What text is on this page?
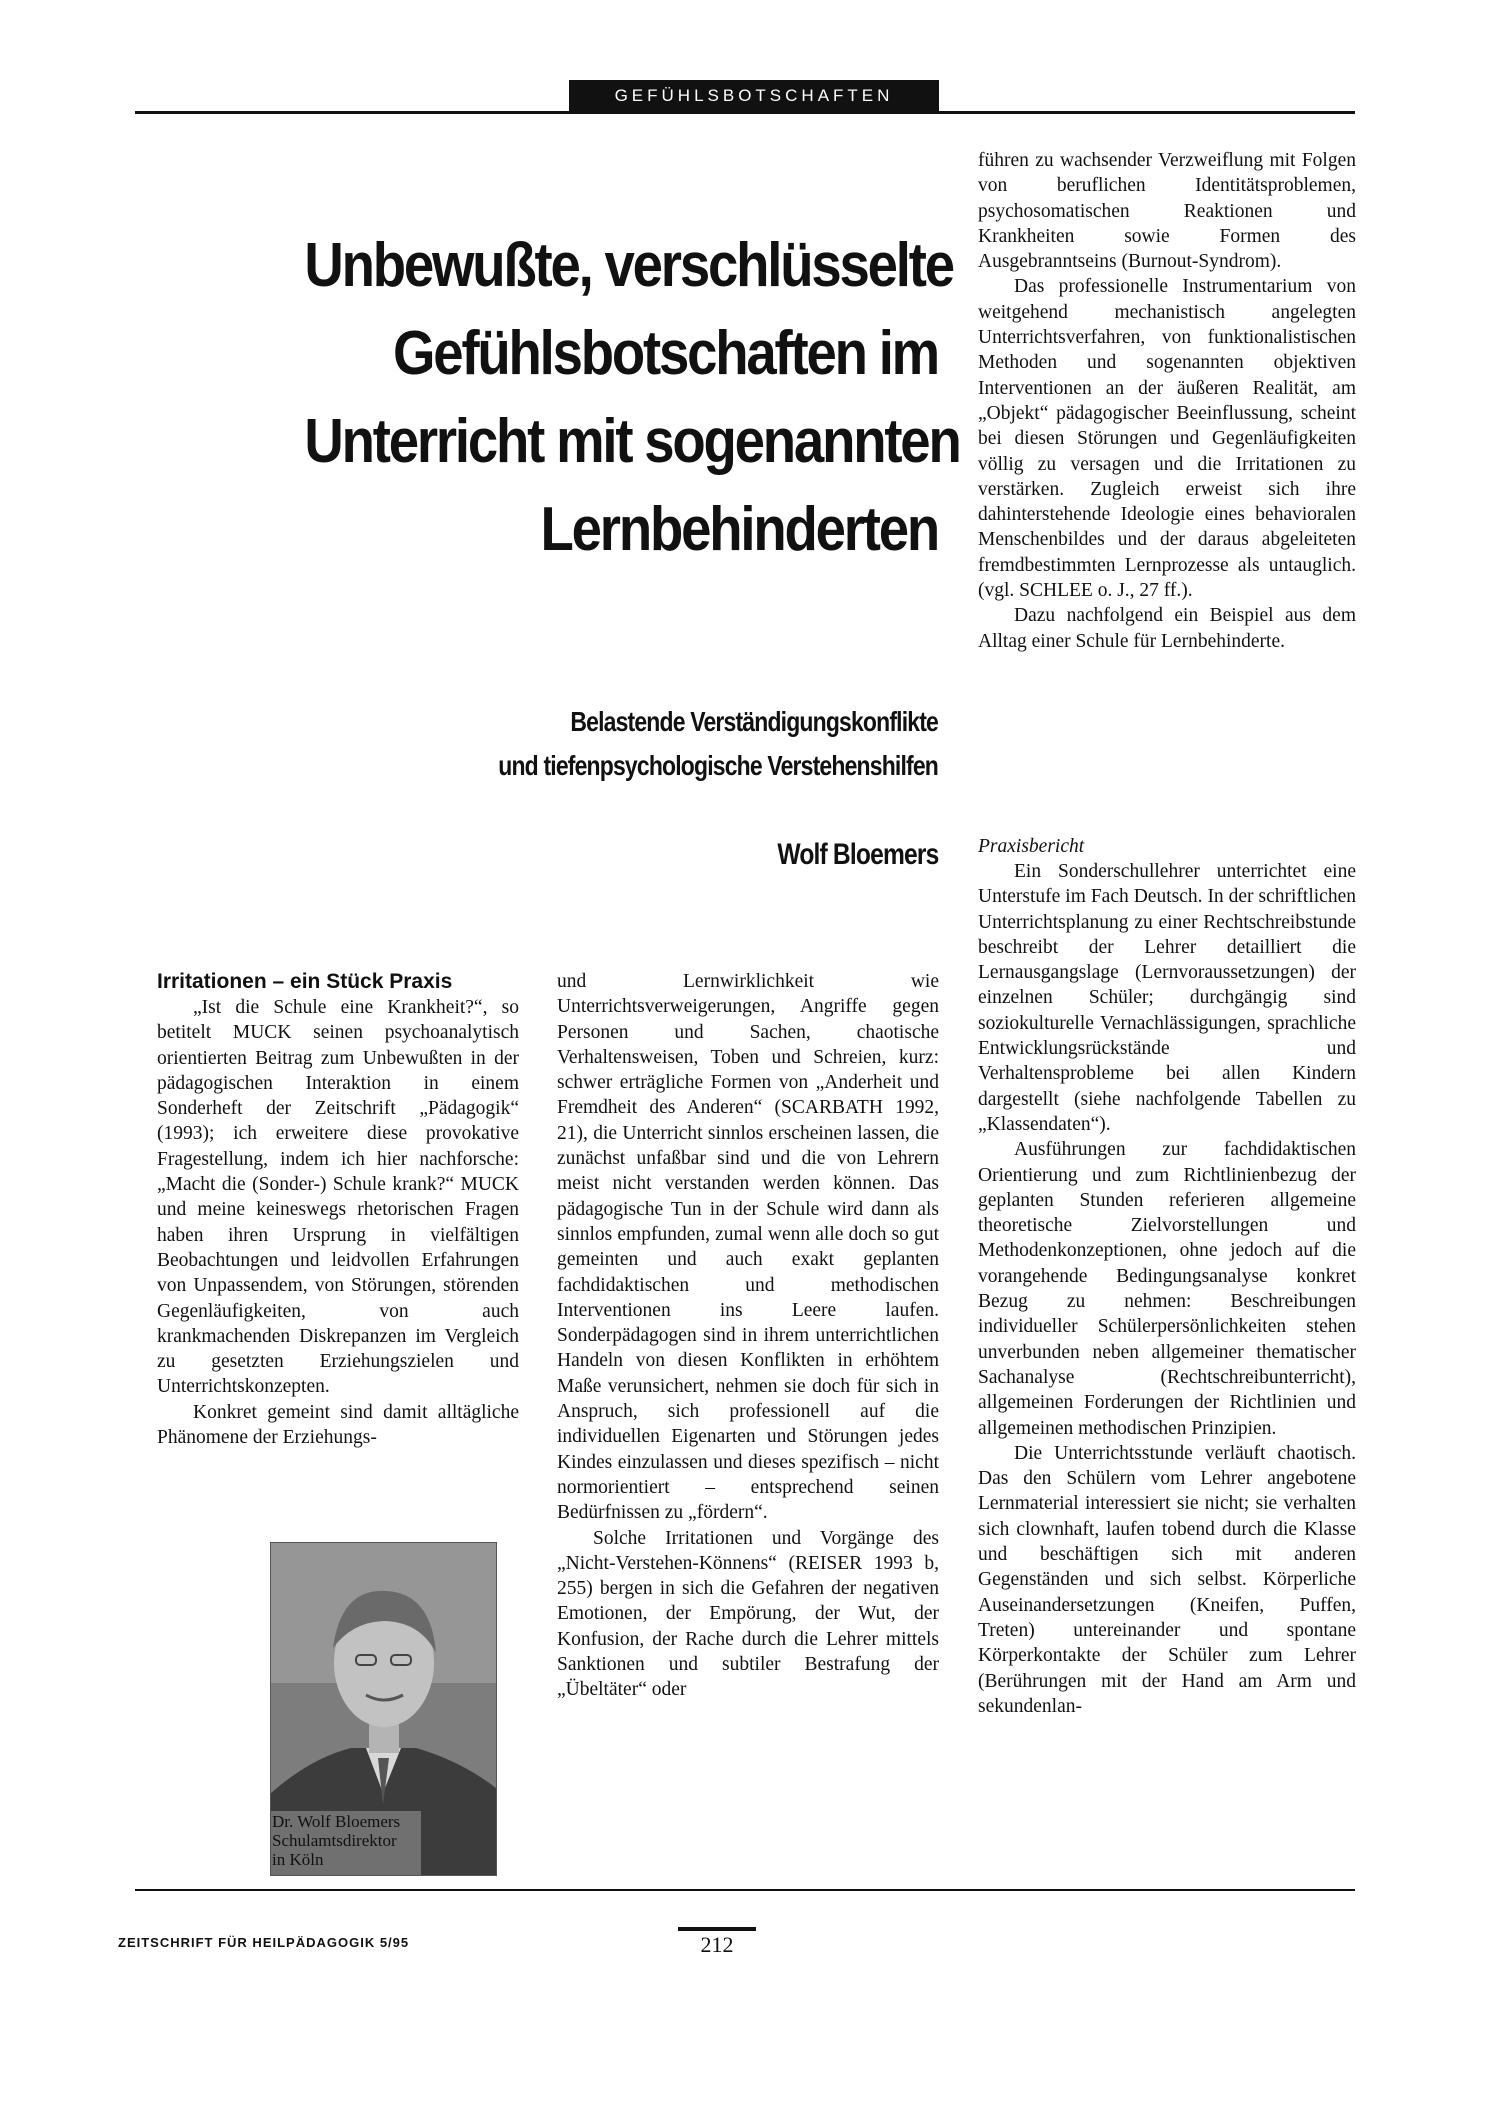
GEFÜHLSBOTSCHAFTEN
Unbewußte, verschlüsselte
Gefühlsbotschaften im
Unterricht mit sogenannten
Lernbehinderten
Belastende Verständigungskonflikte
und tiefenpsychologische Verstehenshilfen
Wolf Bloemers

Irritationen – ein Stück Praxis

„Ist die Schule eine Krankheit?“, so betitelt MUCK seinen psychoanalytisch orientierten Beitrag zum Unbewußten in der pädagogischen Interaktion in einem Sonderheft der Zeitschrift „Pädagogik“ (1993); ich erweitere diese provokative Fragestellung, indem ich hier nachforsche: „Macht die (Sonder-) Schule krank?“ MUCK und meine keineswegs rhetorischen Fragen haben ihren Ursprung in vielfältigen Beobachtungen und leidvollen Erfahrungen von Unpassendem, von Störungen, störenden Gegenläufigkeiten, von auch krankmachenden Diskrepanzen im Vergleich zu gesetzten Erziehungszielen und Unterrichtskonzepten.

Konkret gemeint sind damit alltägliche Phänomene der Erziehungs-

Dr. Wolf Bloemers
Schulamtsdirektor
in Köln

und Lernwirklichkeit wie Unterrichtsverweigerungen, Angriffe gegen Personen und Sachen, chaotische Verhaltensweisen, Toben und Schreien, kurz: schwer erträgliche Formen von „Anderheit und Fremdheit des Anderen“ (SCARBATH 1992, 21), die Unterricht sinnlos erscheinen lassen, die zunächst unfaßbar sind und die von Lehrern meist nicht verstanden werden können. Das pädagogische Tun in der Schule wird dann als sinnlos empfunden, zumal wenn alle doch so gut gemeinten und auch exakt geplanten fachdidaktischen und methodischen Interventionen ins Leere laufen. Sonderpädagogen sind in ihrem unterrichtlichen Handeln von diesen Konflikten in erhöhtem Maße verunsichert, nehmen sie doch für sich in Anspruch, sich professionell auf die individuellen Eigenarten und Störungen jedes Kindes einzulassen und dieses spezifisch – nicht normorientiert – entsprechend seinen Bedürfnissen zu „fördern“.

Solche Irritationen und Vorgänge des „Nicht-Verstehen-Könnens“ (REISER 1993 b, 255) bergen in sich die Gefahren der negativen Emotionen, der Empörung, der Wut, der Konfusion, der Rache durch die Lehrer mittels Sanktionen und subtiler Bestrafung der „Übeltäter“ oder

führen zu wachsender Verzweiflung mit Folgen von beruflichen Identitätsproblemen, psychosomatischen Reaktionen und Krankheiten sowie Formen des Ausgebranntseins (Burnout-Syndrom).

Das professionelle Instrumentarium von weitgehend mechanistisch angelegten Unterrichtsverfahren, von funktionalistischen Methoden und sogenannten objektiven Interventionen an der äußeren Realität, am „Objekt“ pädagogischer Beeinflussung, scheint bei diesen Störungen und Gegenläufigkeiten völlig zu versagen und die Irritationen zu verstärken. Zugleich erweist sich ihre dahinterstehende Ideologie eines behavioralen Menschenbildes und der daraus abgeleiteten fremdbestimmten Lernprozesse als untauglich. (vgl. SCHLEE o. J., 27 ff.).

Dazu nachfolgend ein Beispiel aus dem Alltag einer Schule für Lernbehinderte.

Praxisbericht

Ein Sonderschullehrer unterrichtet eine Unterstufe im Fach Deutsch. In der schriftlichen Unterrichtsplanung zu einer Rechtschreibstunde beschreibt der Lehrer detailliert die Lernausgangslage (Lernvoraussetzungen) der einzelnen Schüler; durchgängig sind soziokulturelle Vernachlässigungen, sprachliche Entwicklungsrückstände und Verhaltensprobleme bei allen Kindern dargestellt (siehe nachfolgende Tabellen zu „Klassendaten“).

Ausführungen zur fachdidaktischen Orientierung und zum Richtlinienbezug der geplanten Stunden referieren allgemeine theoretische Zielvorstellungen und Methodenkonzeptionen, ohne jedoch auf die vorangehende Bedingungsanalyse konkret Bezug zu nehmen: Beschreibungen individueller Schülerpersönlichkeiten stehen unverbunden neben allgemeiner thematischer Sachanalyse (Rechtschreibunterricht), allgemeinen Forderungen der Richtlinien und allgemeinen methodischen Prinzipien.

Die Unterrichtsstunde verläuft chaotisch. Das den Schülern vom Lehrer angebotene Lernmaterial interessiert sie nicht; sie verhalten sich clownhaft, laufen tobend durch die Klasse und beschäftigen sich mit anderen Gegenständen und sich selbst. Körperliche Auseinandersetzungen (Kneifen, Puffen, Treten) untereinander und spontane Körperkontakte der Schüler zum Lehrer (Berührungen mit der Hand am Arm und sekundenlan-

ZEITSCHRIFT FÜR HEILPÄDAGOGIK 5/95	212
